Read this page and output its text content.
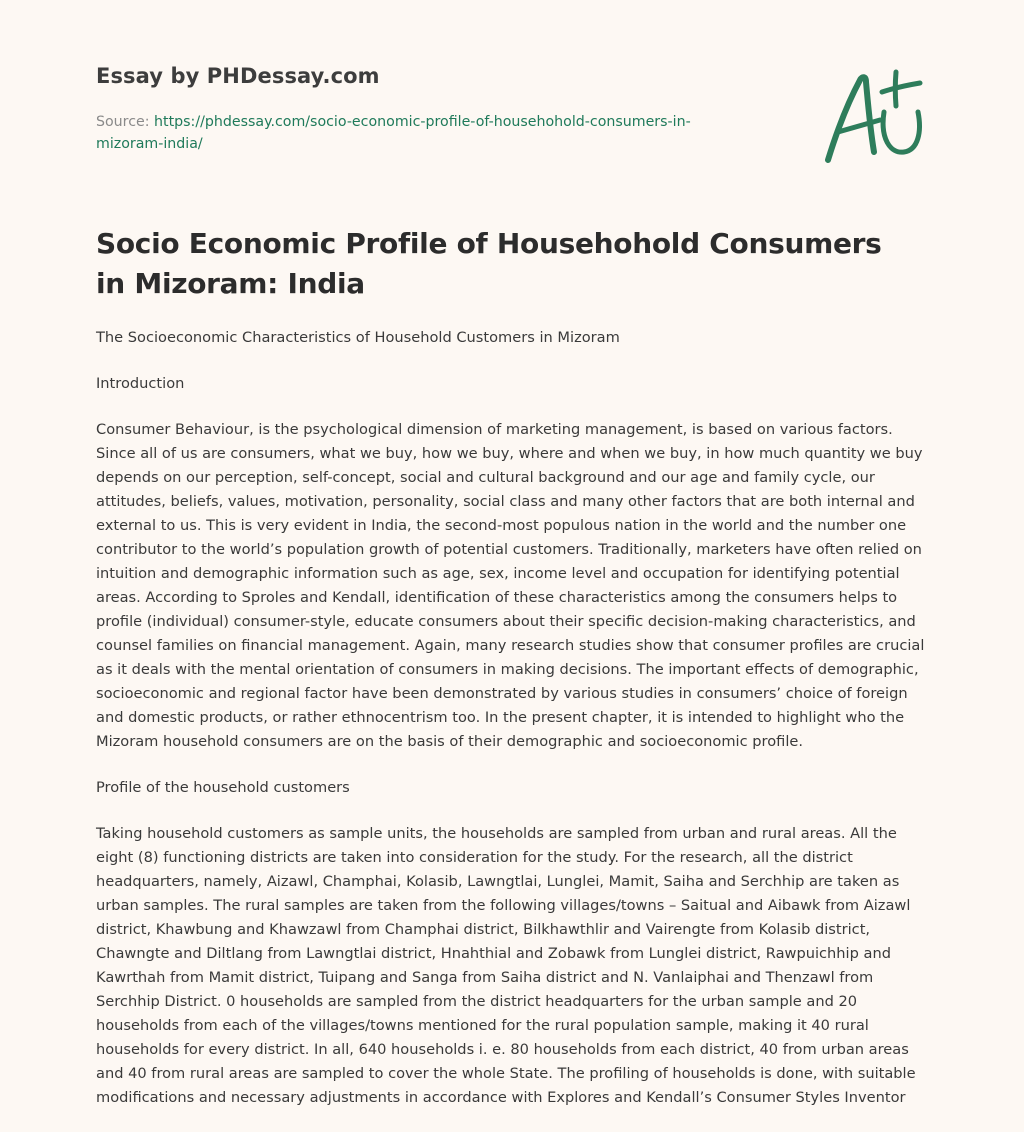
Essay by PHDessay.com
Source: https://phdessay.com/socio-economic-profile-of-househohold-consumers-in-mizoram-india/
Socio Economic Profile of Househohold Consumers in Mizoram: India

The Socioeconomic Characteristics of Household Customers in Mizoram

Introduction

Consumer Behaviour, is the psychological dimension of marketing management, is based on various factors. Since all of us are consumers, what we buy, how we buy, where and when we buy, in how much quantity we buy depends on our perception, self-concept, social and cultural background and our age and family cycle, our attitudes, beliefs, values, motivation, personality, social class and many other factors that are both internal and external to us. This is very evident in India, the second-most populous nation in the world and the number one contributor to the world’s population growth of potential customers. Traditionally, marketers have often relied on intuition and demographic information such as age, sex, income level and occupation for identifying potential areas. According to Sproles and Kendall, identification of these characteristics among the consumers helps to profile (individual) consumer-style, educate consumers about their specific decision-making characteristics, and counsel families on financial management. Again, many research studies show that consumer profiles are crucial as it deals with the mental orientation of consumers in making decisions. The important effects of demographic, socioeconomic and regional factor have been demonstrated by various studies in consumers’ choice of foreign and domestic products, or rather ethnocentrism too. In the present chapter, it is intended to highlight who the Mizoram household consumers are on the basis of their demographic and socioeconomic profile.

Profile of the household customers

Taking household customers as sample units, the households are sampled from urban and rural areas. All the eight (8) functioning districts are taken into consideration for the study. For the research, all the district headquarters, namely, Aizawl, Champhai, Kolasib, Lawngtlai, Lunglei, Mamit, Saiha and Serchhip are taken as urban samples. The rural samples are taken from the following villages/towns – Saitual and Aibawk from Aizawl district, Khawbung and Khawzawl from Champhai district, Bilkhawthlir and Vairengte from Kolasib district, Chawngte and Diltlang from Lawngtlai district, Hnahthial and Zobawk from Lunglei district, Rawpuichhip and Kawrthah from Mamit district, Tuipang and Sanga from Saiha district and N. Vanlaiphai and Thenzawl from Serchhip District. 0 households are sampled from the district headquarters for the urban sample and 20 households from each of the villages/towns mentioned for the rural population sample, making it 40 rural households for every district. In all, 640 households i. e. 80 households from each district, 40 from urban areas and 40 from rural areas are sampled to cover the whole State. The profiling of households is done, with suitable modifications and necessary adjustments in accordance with Explores and Kendall’s Consumer Styles Inventor
